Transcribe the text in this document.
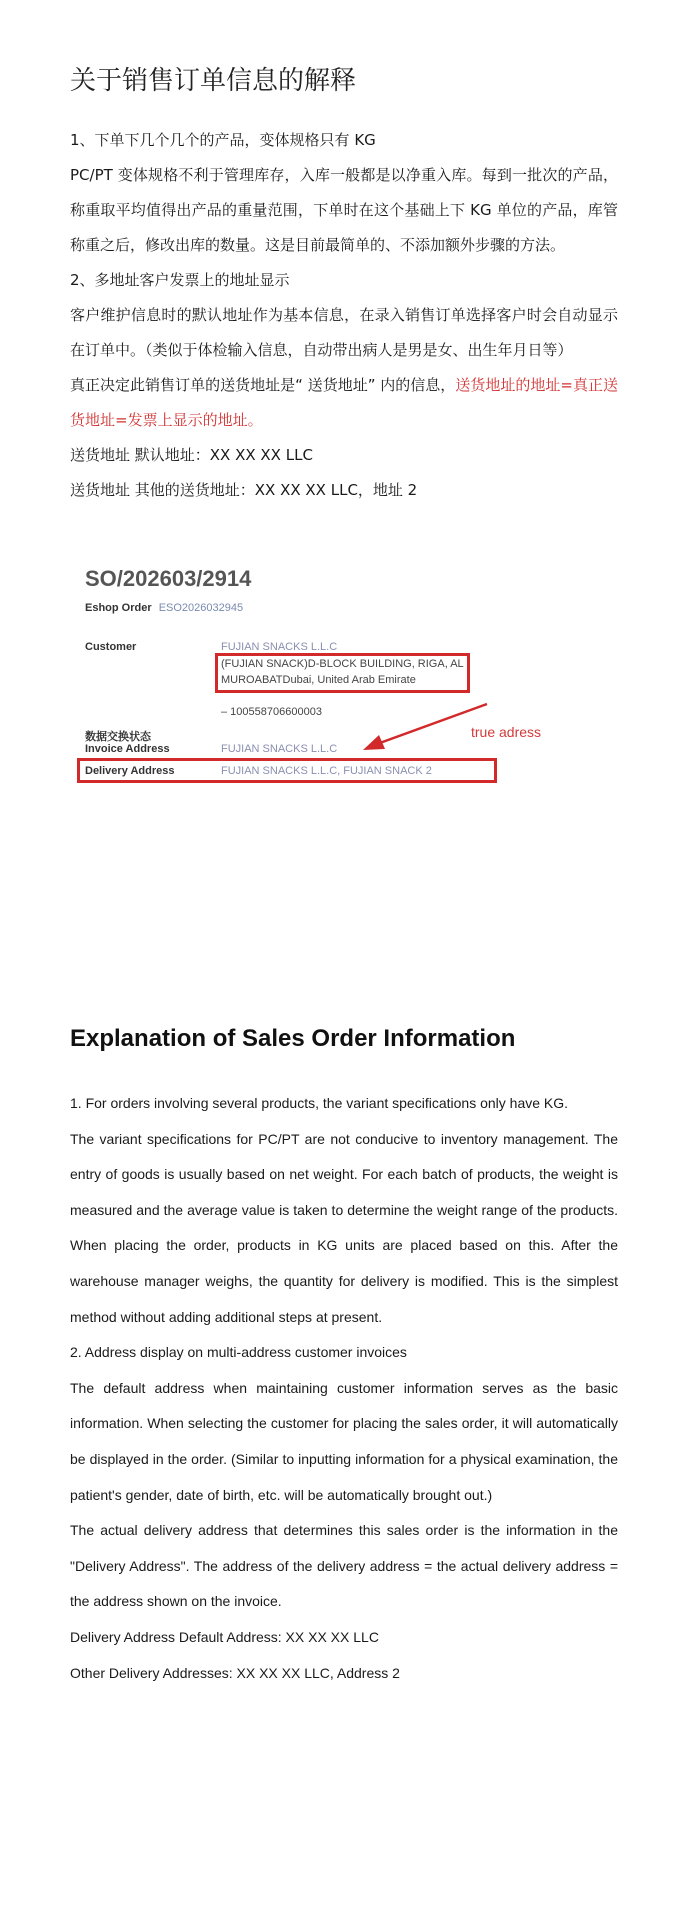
关于销售订单信息的解释

1、下单下几个几个的产品，变体规格只有 KG

PC/PT 变体规格不利于管理库存，入库一般都是以净重入库。每到一批次的产品，称重取平均值得出产品的重量范围，下单时在这个基础上下 KG 单位的产品，库管称重之后，修改出库的数量。这是目前最简单的、不添加额外步骤的方法。

2、多地址客户发票上的地址显示

客户维护信息时的默认地址作为基本信息，在录入销售订单选择客户时会自动显示在订单中。（类似于体检输入信息，自动带出病人是男是女、出生年月日等）

真正决定此销售订单的送货地址是“ 送货地址” 内的信息，送货地址的地址=真正送货地址=发票上显示的地址。

送货地址 默认地址：XX XX XX LLC

送货地址 其他的送货地址：XX XX XX LLC，地址 2

SO/202603/2914
Eshop Order ESO2026032945
Customer	FUJIAN SNACKS L.L.C
(FUJIAN SNACK)D-BLOCK BUILDING, RIGA, AL
MUROABATDubai, United Arab Emirate
– 100558706600003
数据交换状态
Invoice Address	FUJIAN SNACKS L.L.C
Delivery Address	FUJIAN SNACKS L.L.C, FUJIAN SNACK 2
true adress
Explanation of Sales Order Information

1. For orders involving several products, the variant specifications only have KG.

The variant specifications for PC/PT are not conducive to inventory management. The entry of goods is usually based on net weight. For each batch of products, the weight is measured and the average value is taken to determine the weight range of the products. When placing the order, products in KG units are placed based on this. After the warehouse manager weighs, the quantity for delivery is modified. This is the simplest method without adding additional steps at present.

2. Address display on multi-address customer invoices

The default address when maintaining customer information serves as the basic information. When selecting the customer for placing the sales order, it will automatically be displayed in the order. (Similar to inputting information for a physical examination, the patient's gender, date of birth, etc. will be automatically brought out.)

The actual delivery address that determines this sales order is the information in the "Delivery Address". The address of the delivery address = the actual delivery address = the address shown on the invoice.

Delivery Address Default Address: XX XX XX LLC

Other Delivery Addresses: XX XX XX LLC, Address 2
